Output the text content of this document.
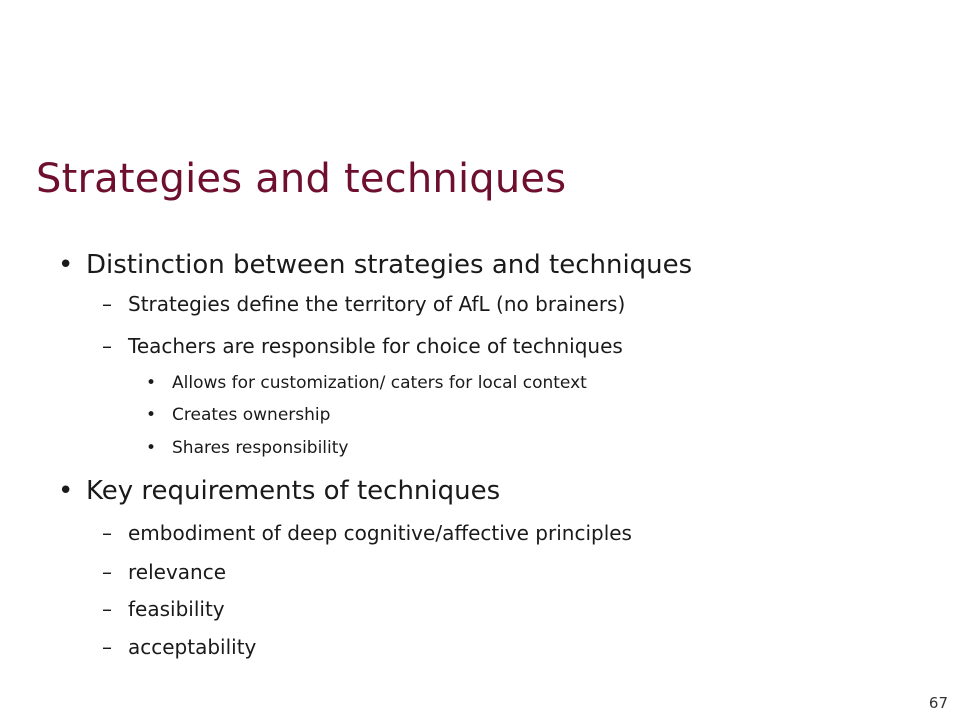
Strategies and techniques
• Distinction between strategies and techniques
– Strategies define the territory of AfL (no brainers)
– Teachers are responsible for choice of techniques
• Allows for customization/ caters for local context
• Creates ownership
• Shares responsibility
• Key requirements of techniques
– embodiment of deep cognitive/affective principles
– relevance
– feasibility
– acceptability
67
